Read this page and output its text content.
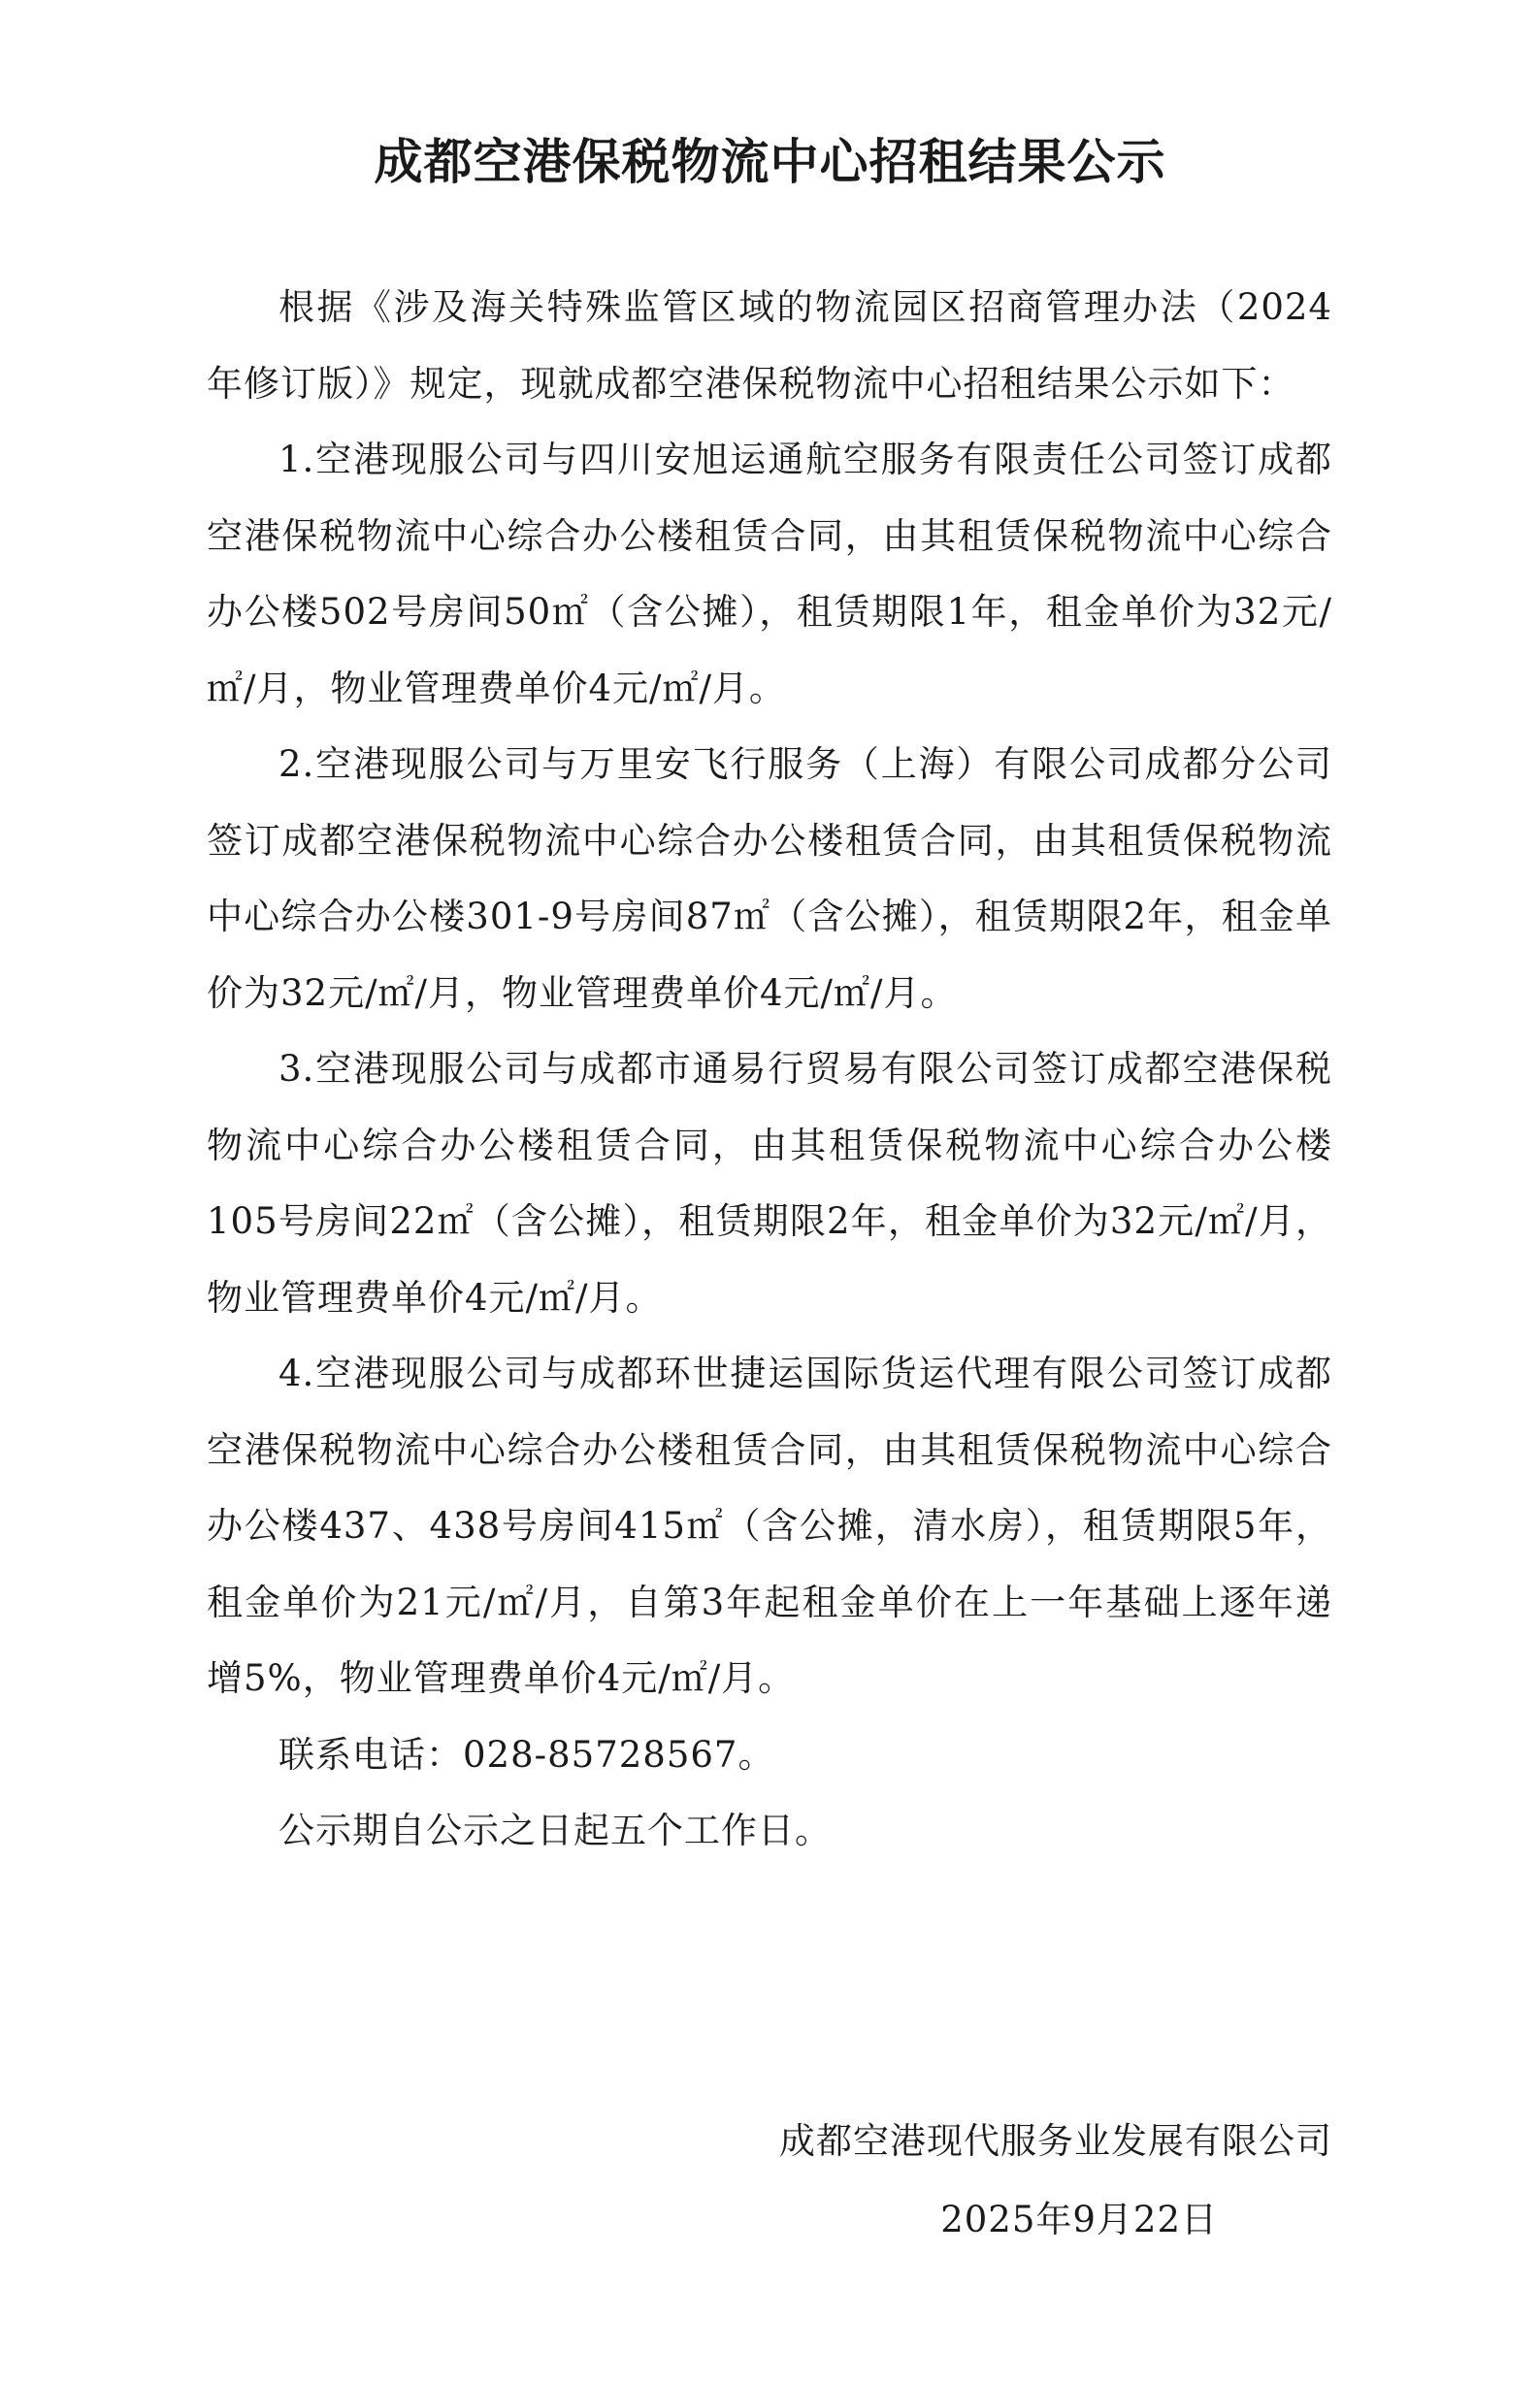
成都空港保税物流中心招租结果公示

根据《涉及海关特殊监管区域的物流园区招商管理办法（2024年修订版）》规定，现就成都空港保税物流中心招租结果公示如下：

1.空港现服公司与四川安旭运通航空服务有限责任公司签订成都空港保税物流中心综合办公楼租赁合同，由其租赁保税物流中心综合办公楼502号房间50㎡（含公摊），租赁期限1年，租金单价为32元/㎡/月，物业管理费单价4元/㎡/月。

2.空港现服公司与万里安飞行服务（上海）有限公司成都分公司签订成都空港保税物流中心综合办公楼租赁合同，由其租赁保税物流中心综合办公楼301-9号房间87㎡（含公摊），租赁期限2年，租金单价为32元/㎡/月，物业管理费单价4元/㎡/月。

3.空港现服公司与成都市通易行贸易有限公司签订成都空港保税物流中心综合办公楼租赁合同，由其租赁保税物流中心综合办公楼105号房间22㎡（含公摊），租赁期限2年，租金单价为32元/㎡/月，物业管理费单价4元/㎡/月。

4.空港现服公司与成都环世捷运国际货运代理有限公司签订成都空港保税物流中心综合办公楼租赁合同，由其租赁保税物流中心综合办公楼437、438号房间415㎡（含公摊，清水房），租赁期限5年，租金单价为21元/㎡/月，自第3年起租金单价在上一年基础上逐年递增5%，物业管理费单价4元/㎡/月。

联系电话：028-85728567。

公示期自公示之日起五个工作日。

成都空港现代服务业发展有限公司
2025年9月22日
